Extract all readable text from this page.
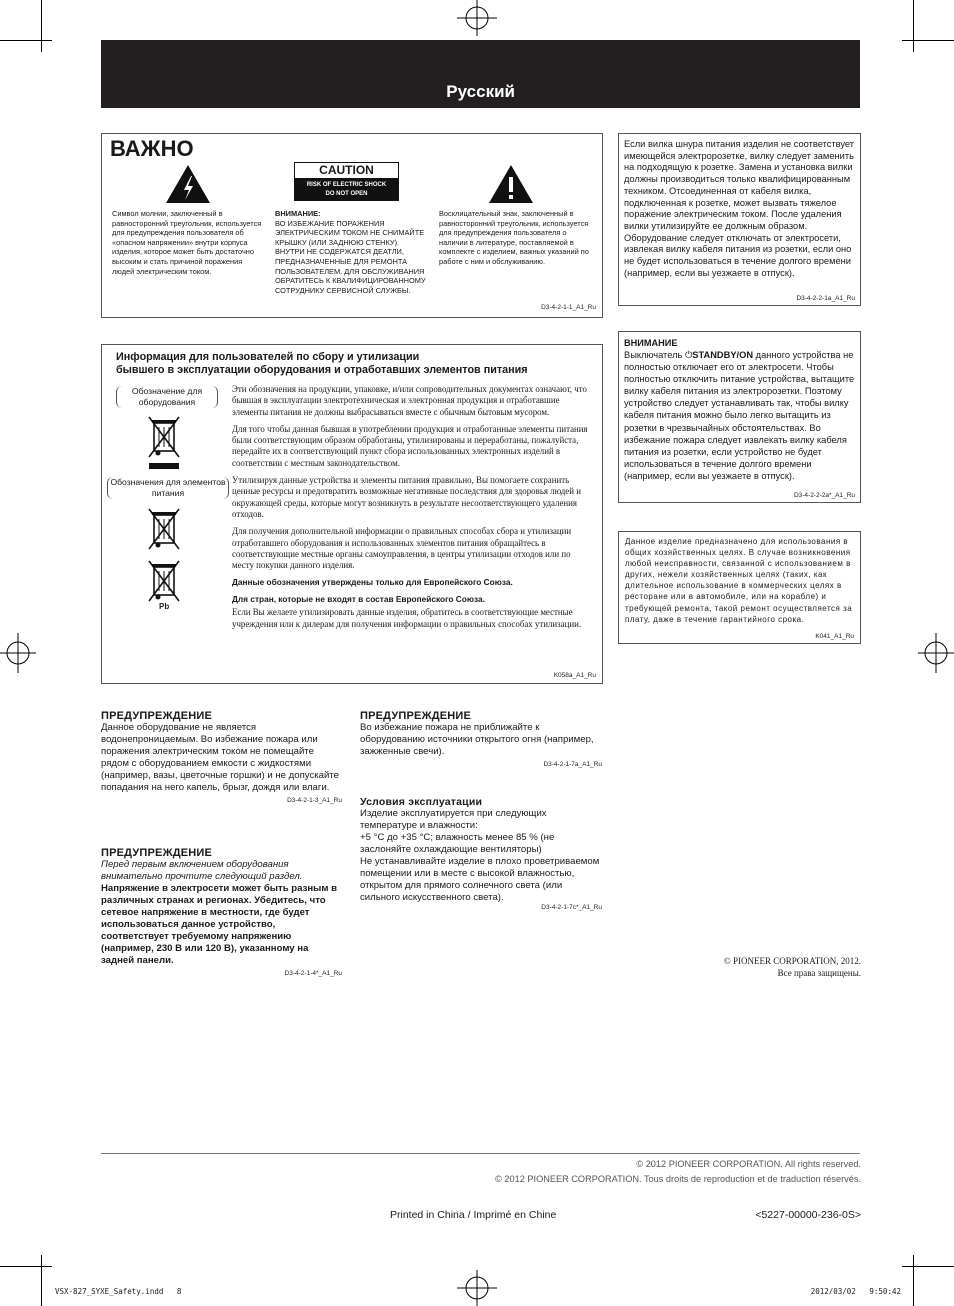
Русский
ВАЖНО
Символ молнии, заключенный в равносторонний треугольник, используется для предупреждения пользователя об «опасном напряжении» внутри корпуса изделия, которое может быть достаточно высоким и стать причиной поражения людей электрическим током.
CAUTION
RISK OF ELECTRIC SHOCK
DO NOT OPEN
ВНИМАНИЕ:
ВО ИЗБЕЖАНИЕ ПОРАЖЕНИЯ ЭЛЕКТРИЧЕСКИМ ТОКОМ НЕ СНИМАЙТЕ КРЫШКУ (ИЛИ ЗАДНЮЮ СТЕНКУ). ВНУТРИ НЕ СОДЕРЖАТСЯ ДЕАТЛИ, ПРЕДНАЗНАЧЕННЫЕ ДЛЯ РЕМОНТА ПОЛЬЗОВАТЕЛЕМ. ДЛЯ ОБСЛУЖИВАНИЯ ОБРАТИТЕСЬ К КВАЛИФИЦИРОВАННОМУ СОТРУДНИКУ СЕРВИСНОЙ СЛУЖБЫ.
Восклицательный знак, заключенный в равносторонний треугольник, используется для предупреждения пользователя о наличии в литературе, поставляемой в комплекте с изделием, важных указаний по работе с ним и обслуживанию.
D3-4-2-1-1_A1_Ru
Если вилка шнура питания изделия не соответствует имеющейся электророзетке, вилку следует заменить на подходящую к розетке. Замена и установка вилки должны производиться только квалифицированным техником. Отсоединенная от кабеля вилка, подключенная к розетке, может вызвать тяжелое поражение электрическим током. После удаления вилки утилизируйте ее должным образом. Оборудование следует отключать от электросети, извлекая вилку кабеля питания из розетки, если оно не будет использоваться в течение долгого времени (например, если вы уезжаете в отпуск).
D3-4-2-2-1a_A1_Ru
ВНИМАНИЕ
Выключатель ⏻STANDBY/ON данного устройства не полностью отключает его от электросети. Чтобы полностью отключить питание устройства, вытащите вилку кабеля питания из электророзетки. Поэтому устройство следует устанавливать так, чтобы вилку кабеля питания можно было легко вытащить из розетки в чрезвычайных обстоятельствах. Во избежание пожара следует извлекать вилку кабеля питания из розетки, если устройство не будет использоваться в течение долгого времени (например, если вы уезжаете в отпуск).
D3-4-2-2-2a*_A1_Ru
Данное изделие предназначено для использования в общих хозяйственных целях. В случае возникновения любой неисправности, связанной с использованием в других, нежели хозяйственных целях (таких, как длительное использование в коммерческих целях в ресторане или в автомобиле, или на корабле) и требующей ремонта, такой ремонт осуществляется за плату, даже в течение гарантийного срока.
K041_A1_Ru
Информация для пользователей по сбору и утилизации
бывшего в эксплуатации оборудования и отработавших элементов питания
Обозначение для оборудования
Обозначения для элементов питания
Pb

Эти обозначения на продукции, упаковке, и/или сопроводительных документах означают, что бывшая в эксплуатации электротехническая и электронная продукция и отработавшие элементы питания не должны выбрасываться вместе с обычным бытовым мусором.

Для того чтобы данная бывшая в употреблении продукция и отработанные элементы питания были соответствующим образом обработаны, утилизированы и переработаны, пожалуйста, передайте их в соответствующий пункт сбора использованных электронных изделий в соответствии с местным законодательством.

Утилизируя данные устройства и элементы питания правильно, Вы помогаете сохранить ценные ресурсы и предотвратить возможные негативные последствия для здоровья людей и окружающей среды, которые могут возникнуть в результате несоответствующего удаления отходов.

Для получения дополнительной информации о правильных способах сбора и утилизации отработавшего оборудования и использованных элементов питания обращайтесь в соответствующие местные органы самоуправления, в центры утилизации отходов или по месту покупки данного изделия.

Данные обозначения утверждены только для Европейского Союза.

Для стран, которые не входят в состав Европейского Союза.

Если Вы желаете утилизировать данные изделия, обратитесь в соответствующие местные учреждения или к дилерам для получения информации о правильных способах утилизации.

K058a_A1_Ru
ПРЕДУПРЕЖДЕНИЕ
Данное оборудование не является водонепроницаемым. Во избежание пожара или поражения электрическим током не помещайте рядом с оборудованием емкости с жидкостями (например, вазы, цветочные горшки) и не допускайте попадания на него капель, брызг, дождя или влаги.
D3-4-2-1-3_A1_Ru
ПРЕДУПРЕЖДЕНИЕ
Перед первым включением оборудования внимательно прочтите следующий раздел.
Напряжение в электросети может быть разным в различных странах и регионах. Убедитесь, что сетевое напряжение в местности, где будет использоваться данное устройство, соответствует требуемому напряжению (например, 230 В или 120 В), указанному на задней панели.
D3-4-2-1-4*_A1_Ru
ПРЕДУПРЕЖДЕНИЕ
Во избежание пожара не приближайте к оборудованию источники открытого огня (например, зажженные свечи).
D3-4-2-1-7a_A1_Ru
Условия эксплуатации
Изделие эксплуатируется при следующих температуре и влажности:
+5 °C до +35 °C; влажность менее 85 % (не заслоняйте охлаждающие вентиляторы)
Не устанавливайте изделие в плохо проветриваемом помещении или в месте с высокой влажностью, открытом для прямого солнечного света (или сильного искусственного света).
D3-4-2-1-7c*_A1_Ru
© PIONEER CORPORATION, 2012.
Все права защищены.
© 2012 PIONEER CORPORATION. All rights reserved.
© 2012 PIONEER CORPORATION. Tous droits de reproduction et de traduction réservés.
Printed in China / Imprimé en Chine	<5227-00000-236-0S>
VSX-827_SYXE_Safety.indd   8	2012/03/02   9:50:42
